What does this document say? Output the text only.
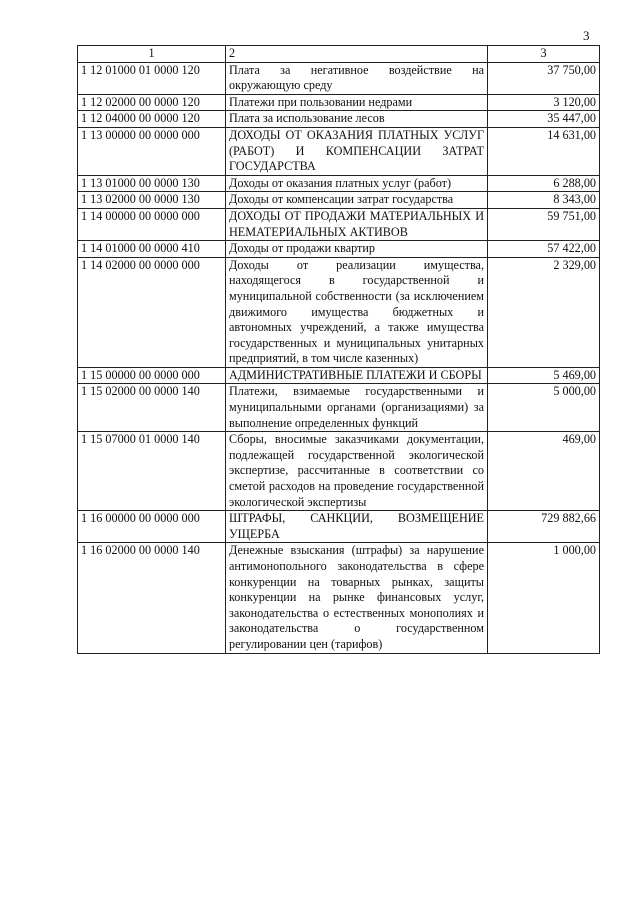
3
1	2	3
1 12 01000 01 0000 120	Плата за негативное воздействие на окружающую среду	37 750,00
1 12 02000 00 0000 120	Платежи при пользовании недрами	3 120,00
1 12 04000 00 0000 120	Плата за использование лесов	35 447,00
1 13 00000 00 0000 000	ДОХОДЫ ОТ ОКАЗАНИЯ ПЛАТНЫХ УСЛУГ (РАБОТ) И КОМПЕНСАЦИИ ЗАТРАТ ГОСУДАРСТВА	14 631,00
1 13 01000 00 0000 130	Доходы от оказания платных услуг (работ)	6 288,00
1 13 02000 00 0000 130	Доходы от компенсации затрат государства	8 343,00
1 14 00000 00 0000 000	ДОХОДЫ ОТ ПРОДАЖИ МАТЕРИАЛЬНЫХ И НЕМАТЕРИАЛЬНЫХ АКТИВОВ	59 751,00
1 14 01000 00 0000 410	Доходы от продажи квартир	57 422,00
1 14 02000 00 0000 000	Доходы от реализации имущества, находящегося в государственной и муниципальной собственности (за исключением движимого имущества бюджетных и автономных учреждений, а также имущества государственных и муниципальных унитарных предприятий, в том числе казенных)	2 329,00
1 15 00000 00 0000 000	АДМИНИСТРАТИВНЫЕ ПЛАТЕЖИ И СБОРЫ	5 469,00
1 15 02000 00 0000 140	Платежи, взимаемые государственными и муниципальными органами (организациями) за выполнение определенных функций	5 000,00
1 15 07000 01 0000 140	Сборы, вносимые заказчиками документации, подлежащей государственной экологической экспертизе, рассчитанные в соответствии со сметой расходов на проведение государственной экологической экспертизы	469,00
1 16 00000 00 0000 000	ШТРАФЫ, САНКЦИИ, ВОЗМЕЩЕНИЕ УЩЕРБА	729 882,66
1 16 02000 00 0000 140	Денежные взыскания (штрафы) за нарушение антимонопольного законодательства в сфере конкуренции на товарных рынках, защиты конкуренции на рынке финансовых услуг, законодательства о естественных монополиях и законодательства о государственном регулировании цен (тарифов)	1 000,00
